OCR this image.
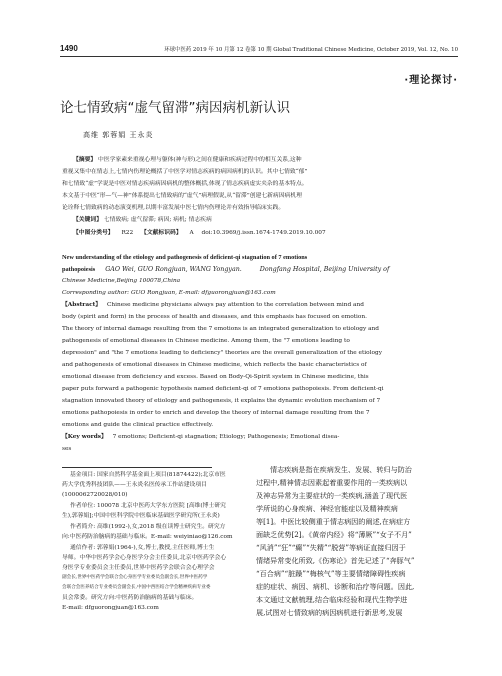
1490	环球中医药 2019 年 10 月第 12 卷第 10 期 Global Traditional Chinese Medicine, October 2019, Vol. 12, No. 10
·理论探讨·
论七情致病“虚气留滞”病因病机新认识
高维 郭蓉娟 王永炎
【摘要】 中医学家素来重视心理与躯体(神与形)之间在健康和疾病过程中的相互关系,这种
重视又集中在情志上,七情内伤理论概括了中医学对情志疾病的病因病机的认识。其中七情致“郁”
和七情致“虚”学说是中医对情志疾病病因病机的整体概括,体现了情志疾病虚实夹杂的基本特点。
本文基于中医“形—气—神”体系提出七情致病的“虚气”病理假说,从“留滞”创建七新病因病机理
论诠释七情致病的动态演变机理,以期丰富发展中医七情内伤理论并有效指导临床实践。
【关键词】 七情致病; 虚气留滞; 病因; 病机; 情志疾病
【中图分类号】 R22 【文献标识码】 A doi:10.3969/j.issn.1674-1749.2019.10.007
New understanding of the etiology and pathogenesis of deficient-qi stagnation of 7 emotions
pathopoiesis GAO Wei, GUO Rongjuan, WANG Yongyan.	Dongfang Hospital, Beijing University of
Chinese Medicine,Beijing 100078,China
Corresponding author: GUO Rongjuan, E-mail: dfguorongjuan@163.com
【Abstract】 Chinese medicine physicians always pay attention to the correlation between mind and
body (spirit and form) in the process of health and diseases, and this emphasis has focused on emotion.
The theory of internal damage resulting from the 7 emotions is an integrated generalization to etiology and
pathogenesis of emotional diseases in Chinese medicine. Among them, the "7 emotions leading to
depression" and "the 7 emotions leading to deficiency" theories are the overall generalization of the etiology
and pathogenesis of emotional diseases in Chinese medicine, which reflects the basic characteristics of
emotional disease from deficiency and excess. Based on Body-Qi-Spirit system in Chinese medicine, this
paper puts forward a pathogenic hypothesis named deficient-qi of 7 emotions pathopoiesis. From deficient-qi
stagnation innovated theory of etiology and pathogenesis, it explains the dynamic evolution mechanism of 7
emotions pathopoiesis in order to enrich and develop the theory of internal damage resulting from the 7
emotions and guide the clinical practice effectively.
【Key words】 7 emotions; Deficient-qi stagnation; Etiology; Pathogenesis; Emotional disea-
ses
基金项目: 国家自然科学基金面上项目(81874422);北京市医
药大学优秀科技团队——王永炎名医传承工作站建设项目
(1000062720028/010)
作者单位: 100078 北京中医药大学东方医院 [高维(博士研究
生),郭蓉娟];中国中医科学院中医临床基础医学研究所(王永炎)
作者简介: 高维(1992-),女,2018 级在读博士研究生。研究方
向:中医药防治脑病的基础与临床。E-mail: weiyiniao@126.com
通信作者: 郭蓉娟(1964-),女,博士,教授,主任医师,博士生
导师。中华中医药学会心身医学分会主任委员,北京中医药学会心
身医学专业委员会主任委员,世界中医药学会联合会心理学会
副会长,世界中医药学会联合会心身医学专业委员会副会长,世界中医药学
会联合会医养结合专业委员会副会长,中国中西医结合学会精神疾病专业委
员会常委。研究方向:中医药防治脑病的基础与临床。
E-mail: dfguorongjuan@163.com
情志疾病是指在疾病发生、发展、转归与防治
过程中,精神情志因素起着重要作用的一类疾病以
及神志异常为主要症状的一类疾病,涵盖了现代医
学所说的心身疾病、神经官能症以及精神疾病
等[1]。中医比较侧重于情志病因的阐述,在病症方
面缺乏优势[2]。《黄帝内经》将“薄厥”“女子不月”
“风消”“狂”“癫”“失精”“脱营”等病证直接归因于
情绪异常变化所致,《伤寒论》首先记述了“奔豚气”
“百合病”“脏躁”“梅核气”等主要情绪障碍性疾病
症的症状、病因、病机、诊断和治疗等问题。因此,
本文通过文献梳理,结合临床经验和现代生物学进
展,试图对七情致病的病因病机进行新思考,发展
